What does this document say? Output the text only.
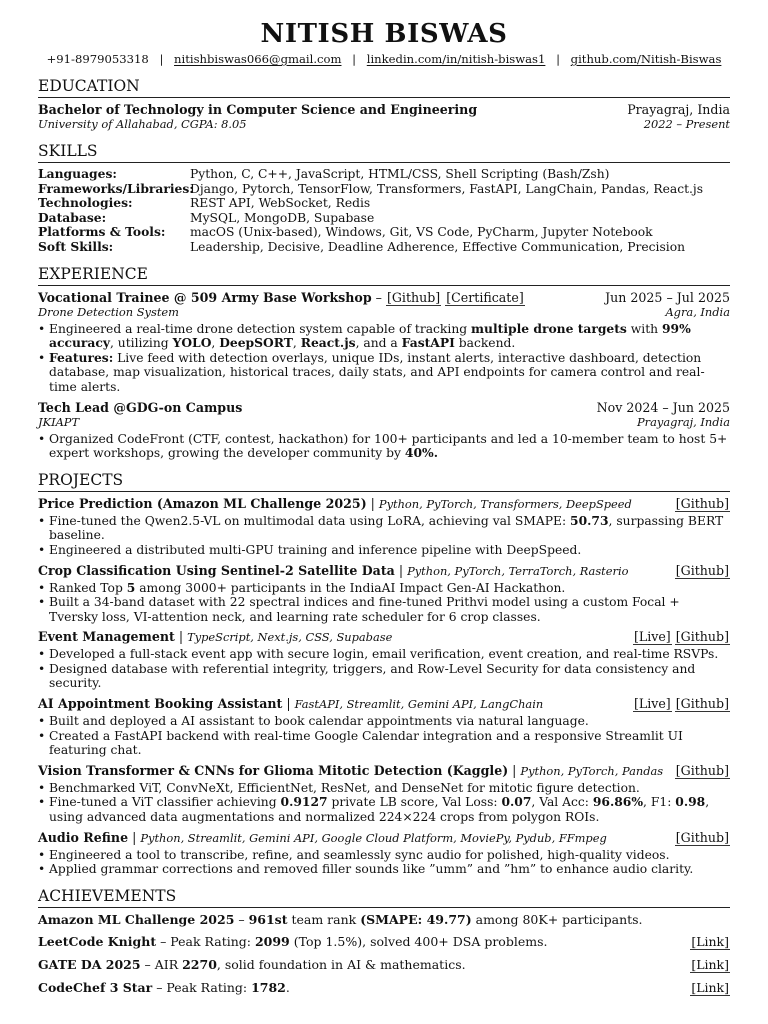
NITISH BISWAS
+91-8979053318 | nitishbiswas066@gmail.com | linkedin.com/in/nitish-biswas1 | github.com/Nitish-Biswas
EDUCATION
Bachelor of Technology in Computer Science and Engineering	Prayagraj, India
University of Allahabad, CGPA: 8.05	2022 – Present
SKILLS
Languages:	Python, C, C++, JavaScript, HTML/CSS, Shell Scripting (Bash/Zsh)
Frameworks/Libraries:
Django, Pytorch, TensorFlow, Transformers, FastAPI, LangChain, Pandas, React.js
Technologies:	REST API, WebSocket, Redis
Database:	MySQL, MongoDB, Supabase
Platforms & Tools:	macOS (Unix-based), Windows, Git, VS Code, PyCharm, Jupyter Notebook
Soft Skills:	Leadership, Decisive, Deadline Adherence, Effective Communication, Precision
EXPERIENCE
Vocational Trainee @ 509 Army Base Workshop – [Github] [Certificate]	Jun 2025 – Jul 2025
Drone Detection System	Agra, India
• Engineered a real-time drone detection system capable of tracking multiple drone targets with 99% accuracy, utilizing YOLO, DeepSORT, React.js, and a FastAPI backend.
• Features: Live feed with detection overlays, unique IDs, instant alerts, interactive dashboard, detection database, map visualization, historical traces, daily stats, and API endpoints for camera control and real-time alerts.
Tech Lead @GDG-on Campus	Nov 2024 – Jun 2025
JKIAPT	Prayagraj, India
• Organized CodeFront (CTF, contest, hackathon) for 100+ participants and led a 10-member team to host 5+ expert workshops, growing the developer community by 40%.
PROJECTS
Price Prediction (Amazon ML Challenge 2025) | Python, PyTorch, Transformers, DeepSpeed	[Github]
• Fine-tuned the Qwen2.5-VL on multimodal data using LoRA, achieving val SMAPE: 50.73, surpassing BERT baseline.
• Engineered a distributed multi-GPU training and inference pipeline with DeepSpeed.
Crop Classification Using Sentinel-2 Satellite Data | Python, PyTorch, TerraTorch, Rasterio	[Github]
• Ranked Top 5 among 3000+ participants in the IndiaAI Impact Gen-AI Hackathon.
• Built a 34-band dataset with 22 spectral indices and fine-tuned Prithvi model using a custom Focal + Tversky loss, VI-attention neck, and learning rate scheduler for 6 crop classes.
Event Management | TypeScript, Next.js, CSS, Supabase	[Live] [Github]
• Developed a full-stack event app with secure login, email verification, event creation, and real-time RSVPs.
• Designed database with referential integrity, triggers, and Row-Level Security for data consistency and security.
AI Appointment Booking Assistant | FastAPI, Streamlit, Gemini API, LangChain	[Live] [Github]
• Built and deployed a AI assistant to book calendar appointments via natural language.
• Created a FastAPI backend with real-time Google Calendar integration and a responsive Streamlit UI featuring chat.
Vision Transformer & CNNs for Glioma Mitotic Detection (Kaggle) | Python, PyTorch, Pandas [Github]
• Benchmarked ViT, ConvNeXt, EfficientNet, ResNet, and DenseNet for mitotic figure detection.
• Fine-tuned a ViT classifier achieving 0.9127 private LB score, Val Loss: 0.07, Val Acc: 96.86%, F1: 0.98, using advanced data augmentations and normalized 224×224 crops from polygon ROIs.
Audio Refine | Python, Streamlit, Gemini API, Google Cloud Platform, MoviePy, Pydub, FFmpeg	[Github]
• Engineered a tool to transcribe, refine, and seamlessly sync audio for polished, high-quality videos.
• Applied grammar corrections and removed filler sounds like ”umm” and ”hm” to enhance audio clarity.
ACHIEVEMENTS
Amazon ML Challenge 2025 – 961st team rank (SMAPE: 49.77) among 80K+ participants.
LeetCode Knight – Peak Rating: 2099 (Top 1.5%), solved 400+ DSA problems.	[Link]
GATE DA 2025 – AIR 2270, solid foundation in AI & mathematics.	[Link]
CodeChef 3 Star – Peak Rating: 1782.	[Link]
